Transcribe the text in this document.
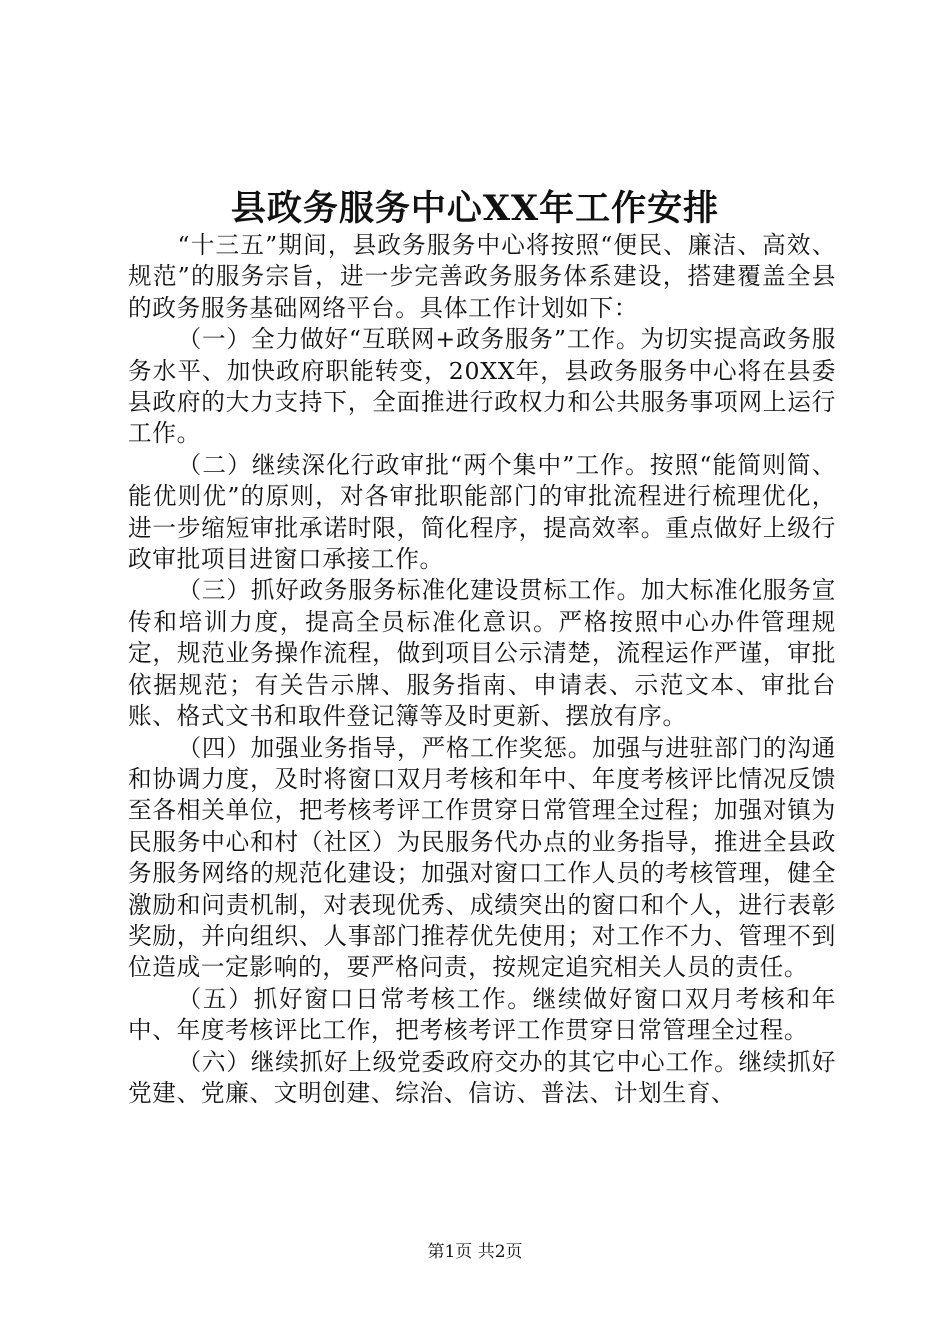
县政务服务中心XX年工作安排

“十三五”期间，县政务服务中心将按照“便民、廉洁、高效、规范”的服务宗旨，进一步完善政务服务体系建设，搭建覆盖全县的政务服务基础网络平台。具体工作计划如下：

（一）全力做好“互联网+政务服务”工作。为切实提高政务服务水平、加快政府职能转变，20XX年，县政务服务中心将在县委县政府的大力支持下，全面推进行政权力和公共服务事项网上运行工作。

（二）继续深化行政审批“两个集中”工作。按照“能简则简、能优则优”的原则，对各审批职能部门的审批流程进行梳理优化，进一步缩短审批承诺时限，简化程序，提高效率。重点做好上级行政审批项目进窗口承接工作。

（三）抓好政务服务标准化建设贯标工作。加大标准化服务宣传和培训力度，提高全员标准化意识。严格按照中心办件管理规定，规范业务操作流程，做到项目公示清楚，流程运作严谨，审批依据规范；有关告示牌、服务指南、申请表、示范文本、审批台账、格式文书和取件登记簿等及时更新、摆放有序。

（四）加强业务指导，严格工作奖惩。加强与进驻部门的沟通和协调力度，及时将窗口双月考核和年中、年度考核评比情况反馈至各相关单位，把考核考评工作贯穿日常管理全过程；加强对镇为民服务中心和村（社区）为民服务代办点的业务指导，推进全县政务服务网络的规范化建设；加强对窗口工作人员的考核管理，健全激励和问责机制，对表现优秀、成绩突出的窗口和个人，进行表彰奖励，并向组织、人事部门推荐优先使用；对工作不力、管理不到位造成一定影响的，要严格问责，按规定追究相关人员的责任。

（五）抓好窗口日常考核工作。继续做好窗口双月考核和年中、年度考核评比工作，把考核考评工作贯穿日常管理全过程。

（六）继续抓好上级党委政府交办的其它中心工作。继续抓好党建、党廉、文明创建、综治、信访、普法、计划生育、

第1页 共2页
